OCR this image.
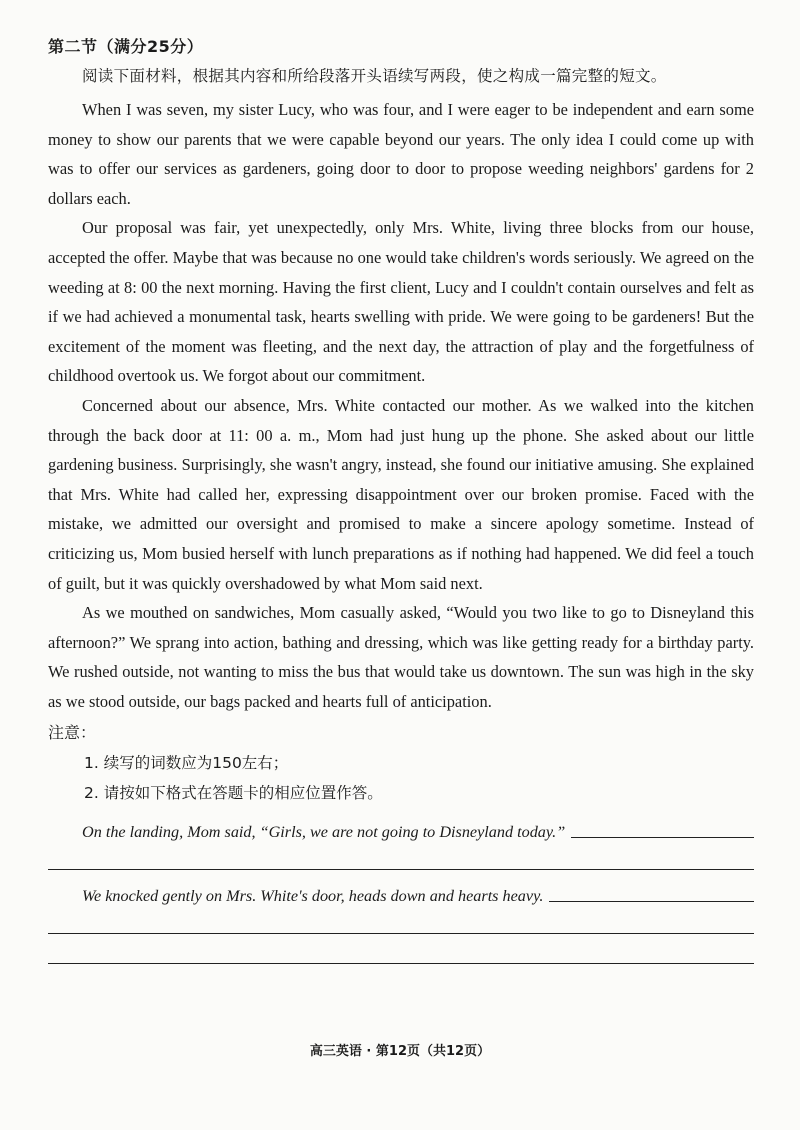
第二节（满分25分）

阅读下面材料，根据其内容和所给段落开头语续写两段，使之构成一篇完整的短文。

When I was seven, my sister Lucy, who was four, and I were eager to be independent and earn some money to show our parents that we were capable beyond our years. The only idea I could come up with was to offer our services as gardeners, going door to door to propose weeding neighbors' gardens for 2 dollars each.

Our proposal was fair, yet unexpectedly, only Mrs. White, living three blocks from our house, accepted the offer. Maybe that was because no one would take children's words seriously. We agreed on the weeding at 8: 00 the next morning. Having the first client, Lucy and I couldn't contain ourselves and felt as if we had achieved a monumental task, hearts swelling with pride. We were going to be gardeners! But the excitement of the moment was fleeting, and the next day, the attraction of play and the forgetfulness of childhood overtook us. We forgot about our commitment.

Concerned about our absence, Mrs. White contacted our mother. As we walked into the kitchen through the back door at 11: 00 a. m., Mom had just hung up the phone. She asked about our little gardening business. Surprisingly, she wasn't angry, instead, she found our initiative amusing. She explained that Mrs. White had called her, expressing disappointment over our broken promise. Faced with the mistake, we admitted our oversight and promised to make a sincere apology sometime. Instead of criticizing us, Mom busied herself with lunch preparations as if nothing had happened. We did feel a touch of guilt, but it was quickly overshadowed by what Mom said next.

As we mouthed on sandwiches, Mom casually asked, “Would you two like to go to Disneyland this afternoon?” We sprang into action, bathing and dressing, which was like getting ready for a birthday party. We rushed outside, not wanting to miss the bus that would take us downtown. The sun was high in the sky as we stood outside, our bags packed and hearts full of anticipation.

注意：
1. 续写的词数应为150左右；
2. 请按如下格式在答题卡的相应位置作答。
On the landing, Mom said, “Girls, we are not going to Disneyland today.”
We knocked gently on Mrs. White's door, heads down and hearts heavy.
高三英语 · 第12页（共12页）
